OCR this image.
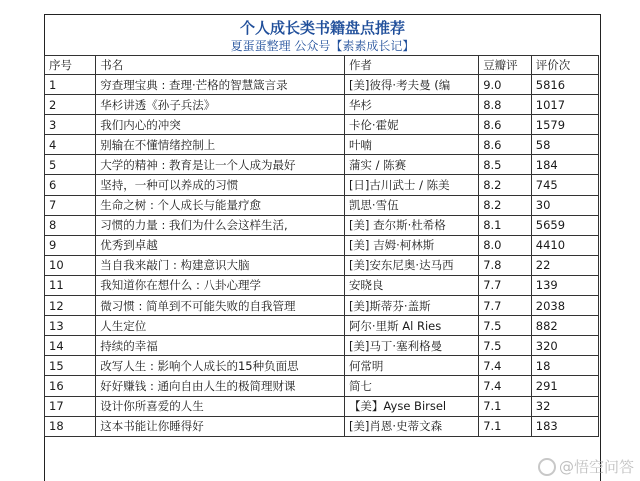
个人成长类书籍盘点推荐
夏蛋蛋整理 公众号【素素成长记】
序号	书名	作者	豆瓣评	评价次
1	穷查理宝典 : 查理·芒格的智慧箴言录	[美]彼得·考夫曼 (编	9.0	5816
2	华杉讲透《孙子兵法》	华杉	8.8	1017
3	我们内心的冲突	卡伦·霍妮	8.6	1579
4	别输在不懂情绪控制上	叶喃	8.6	58
5	大学的精神 : 教育是让一个人成为最好	蒲实 / 陈赛	8.5	184
6	坚持，一种可以养成的习惯	[日]古川武士 / 陈美	8.2	745
7	生命之树 : 个人成长与能量疗愈	凯思·雪伍	8.2	30
8	习惯的力量 : 我们为什么会这样生活,	[美] 查尔斯·杜希格	8.1	5659
9	优秀到卓越	[美] 吉姆·柯林斯	8.0	4410
10	当自我来敲门 : 构建意识大脑	[美]安东尼奥·达马西	7.8	22
11	我知道你在想什么 : 八卦心理学	安晓良	7.7	139
12	微习惯 : 简单到不可能失败的自我管理	[美]斯蒂芬·盖斯	7.7	2038
13	人生定位	阿尔·里斯 Al Ries	7.5	882
14	持续的幸福	[美]马丁·塞利格曼	7.5	320
15	改写人生 : 影响个人成长的15种负面思	何常明	7.4	18
16	好好赚钱 : 通向自由人生的极简理财课	简七	7.4	291
17	设计你所喜爱的人生	【美】Ayse Birsel	7.1	32
18	这本书能让你睡得好	[美]肖恩·史蒂文森	7.1	183
@悟空问答
